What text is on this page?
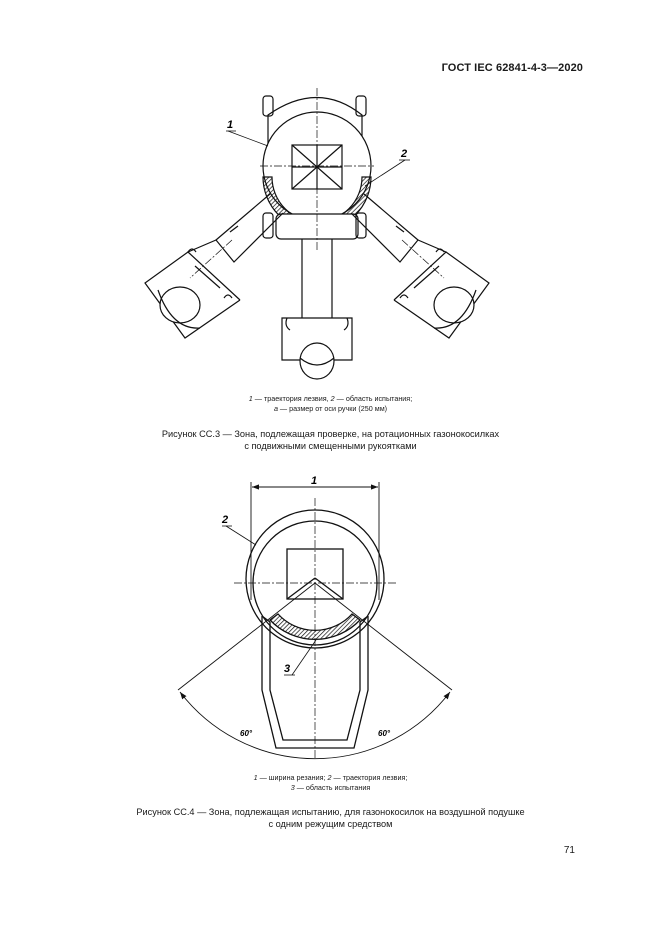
ГОСТ IEC 62841-4-3—2020
1
2
1 — траектория лезвия, 2 — область испытания;
a — размер от оси ручки (250 мм)
Рисунок СС.3 — Зона, подлежащая проверке, на ротационных газонокосилках
с подвижными смещенными рукоятками
1
2
3
60°	60°
1 — ширина резания; 2 — траектория лезвия;
3 — область испытания
Рисунок СС.4 — Зона, подлежащая испытанию, для газонокосилок на воздушной подушке
с одним режущим средством
71
